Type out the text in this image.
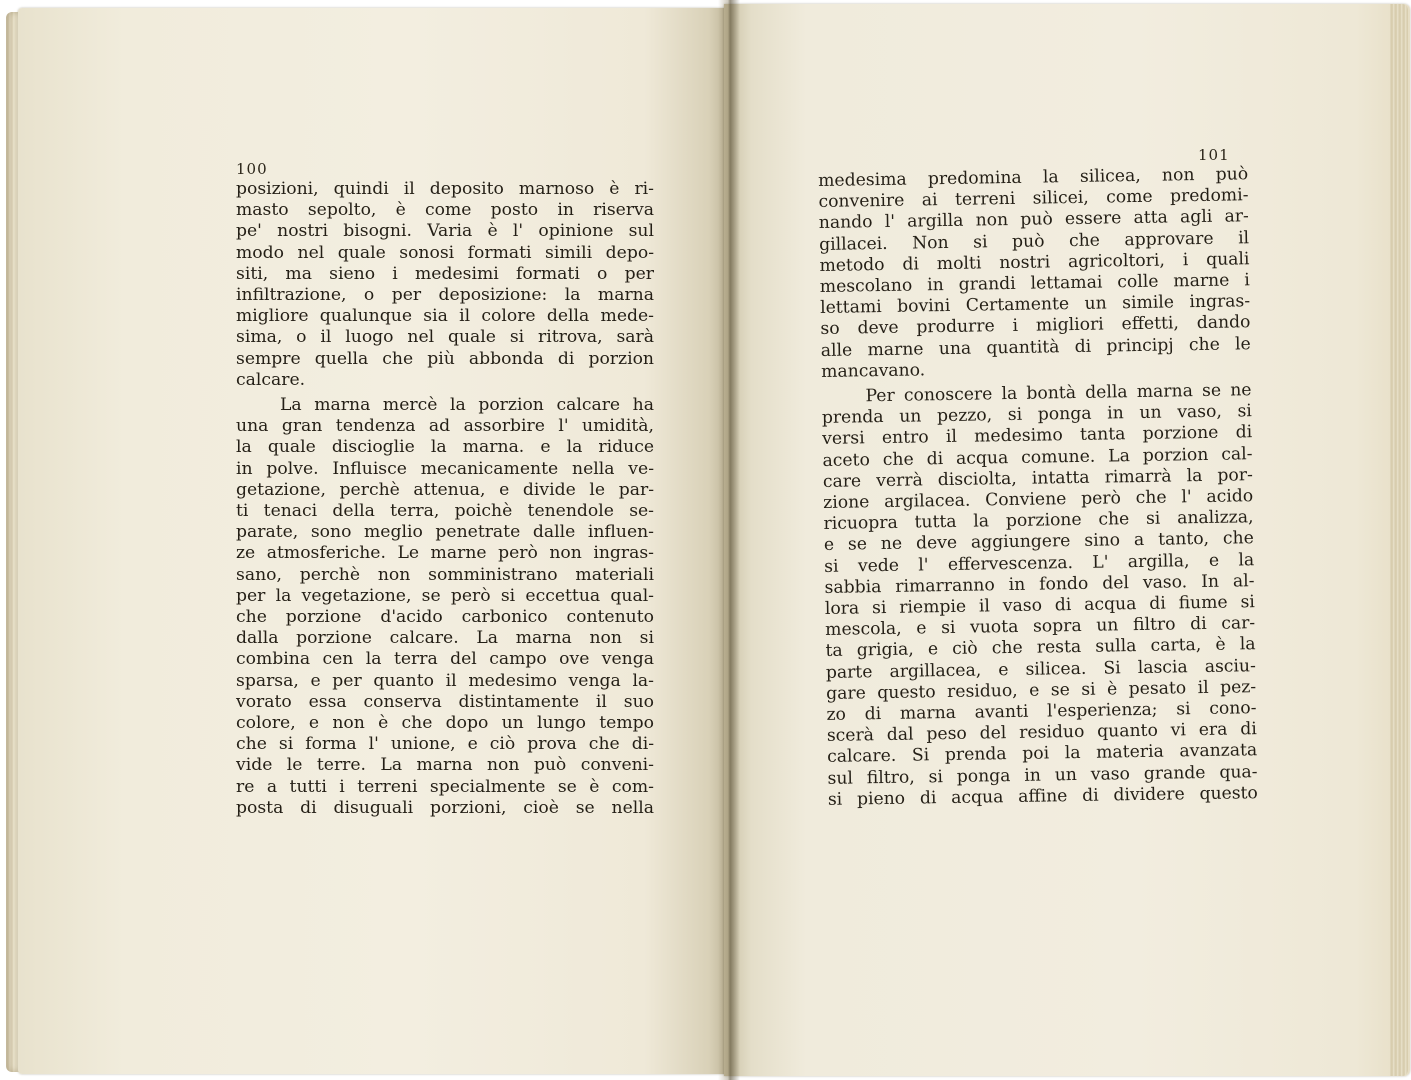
100
101
posizioni, quindi il deposito marnoso è ri-
masto sepolto, è come posto in riserva
pe' nostri bisogni. Varia è l' opinione sul
modo nel quale sonosi formati simili depo-
siti, ma sieno i medesimi formati o per
infiltrazione, o per deposizione: la marna
migliore qualunque sia il colore della mede-
sima, o il luogo nel quale si ritrova, sarà
sempre quella che più abbonda di porzion
calcare.
La marna mercè la porzion calcare ha
una gran tendenza ad assorbire l' umidità,
la quale discioglie la marna. e la riduce
in polve. Influisce mecanicamente nella ve-
getazione, perchè attenua, e divide le par-
ti tenaci della terra, poichè tenendole se-
parate, sono meglio penetrate dalle influen-
ze atmosferiche. Le marne però non ingras-
sano, perchè non somministrano materiali
per la vegetazione, se però si eccettua qual-
che porzione d'acido carbonico contenuto
dalla porzione calcare. La marna non si
combina cen la terra del campo ove venga
sparsa, e per quanto il medesimo venga la-
vorato essa conserva distintamente il suo
colore, e non è che dopo un lungo tempo
che si forma l' unione, e ciò prova che di-
vide le terre. La marna non può conveni-
re a tutti i terreni specialmente se è com-
posta di disuguali porzioni, cioè se nella
medesima predomina la silicea, non può
convenire ai terreni silicei, come predomi-
nando l' argilla non può essere atta agli ar-
gillacei. Non si può che approvare il
metodo di molti nostri agricoltori, i quali
mescolano in grandi lettamai colle marne i
lettami bovini Certamente un simile ingras-
so deve produrre i migliori effetti, dando
alle marne una quantità di principj che le
mancavano.
Per conoscere la bontà della marna se ne
prenda un pezzo, si ponga in un vaso, si
versi entro il medesimo tanta porzione di
aceto che di acqua comune. La porzion cal-
care verrà disciolta, intatta rimarrà la por-
zione argilacea. Conviene però che l' acido
ricuopra tutta la porzione che si analizza,
e se ne deve aggiungere sino a tanto, che
si vede l' effervescenza. L' argilla, e la
sabbia rimarranno in fondo del vaso. In al-
lora si riempie il vaso di acqua di fiume si
mescola, e si vuota sopra un filtro di car-
ta grigia, e ciò che resta sulla carta, è la
parte argillacea, e silicea. Si lascia asciu-
gare questo residuo, e se si è pesato il pez-
zo di marna avanti l'esperienza; si cono-
scerà dal peso del residuo quanto vi era di
calcare. Si prenda poi la materia avanzata
sul filtro, si ponga in un vaso grande qua-
si pieno di acqua affine di dividere questo
